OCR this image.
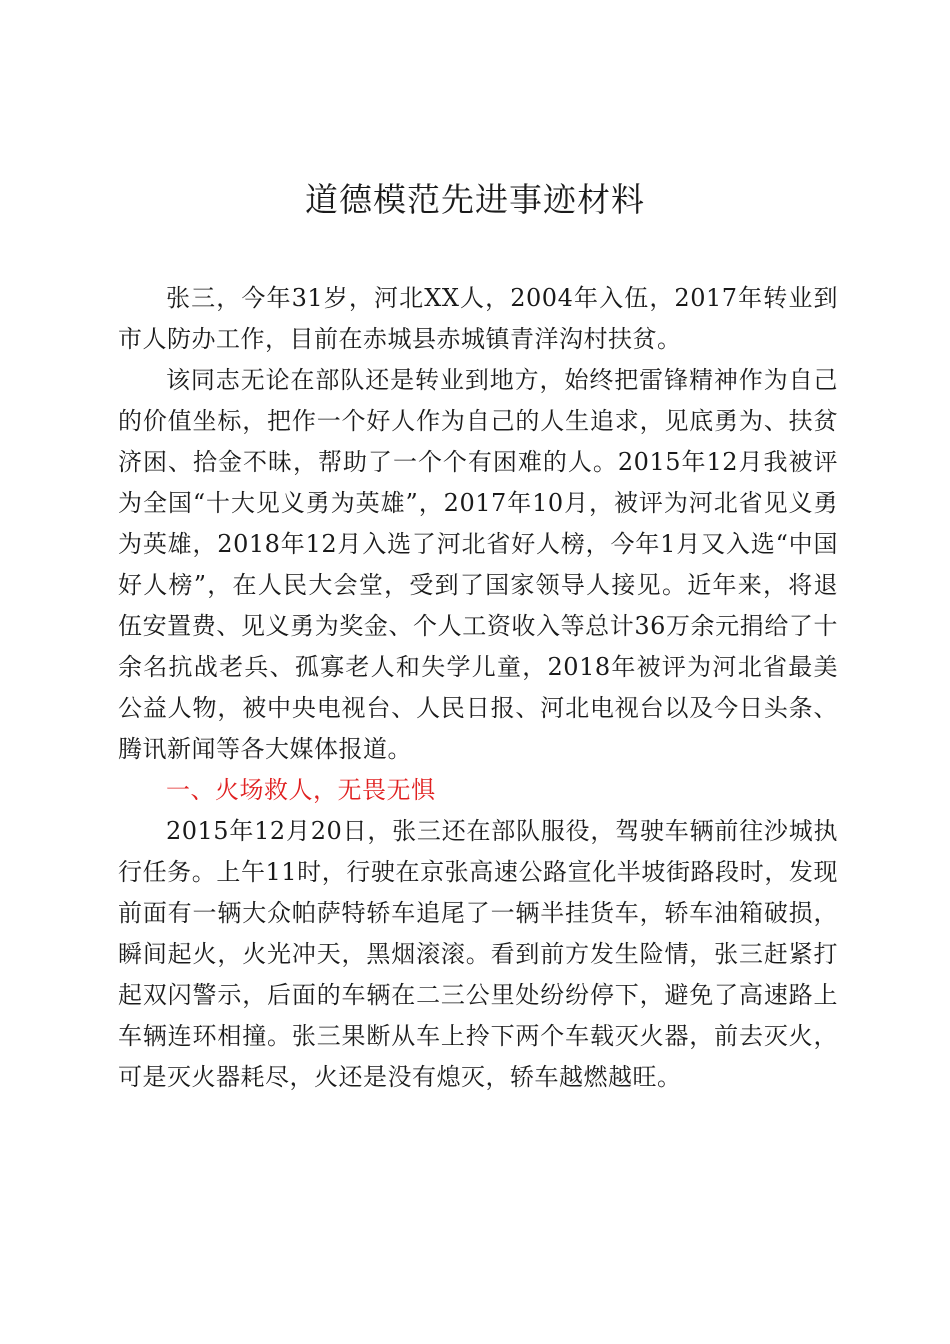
道德模范先进事迹材料

张三，今年31岁，河北XX人，2004年入伍，2017年转业到市人防办工作，目前在赤城县赤城镇青洋沟村扶贫。

该同志无论在部队还是转业到地方，始终把雷锋精神作为自己的价值坐标，把作一个好人作为自己的人生追求，见底勇为、扶贫济困、拾金不昧，帮助了一个个有困难的人。2015年12月我被评为全国“十大见义勇为英雄”，2017年10月，被评为河北省见义勇为英雄，2018年12月入选了河北省好人榜，今年1月又入选“中国好人榜”，在人民大会堂，受到了国家领导人接见。近年来，将退伍安置费、见义勇为奖金、个人工资收入等总计36万余元捐给了十余名抗战老兵、孤寡老人和失学儿童，2018年被评为河北省最美公益人物，被中央电视台、人民日报、河北电视台以及今日头条、腾讯新闻等各大媒体报道。

一、火场救人，无畏无惧

2015年12月20日，张三还在部队服役，驾驶车辆前往沙城执行任务。上午11时，行驶在京张高速公路宣化半坡街路段时，发现前面有一辆大众帕萨特轿车追尾了一辆半挂货车，轿车油箱破损，瞬间起火，火光冲天，黑烟滚滚。看到前方发生险情，张三赶紧打起双闪警示，后面的车辆在二三公里处纷纷停下，避免了高速路上车辆连环相撞。张三果断从车上拎下两个车载灭火器，前去灭火，可是灭火器耗尽，火还是没有熄灭，轿车越燃越旺。
